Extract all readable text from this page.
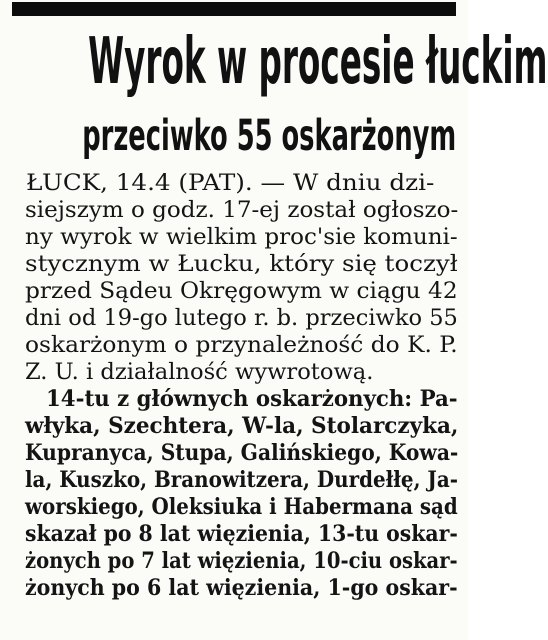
Wyrok w procesie łuckim
przeciwko 55 oskarżonym
ŁUCK, 14.4 (PAT). — W dniu dzi-
siejszym o godz. 17-ej został ogłoszo-
ny wyrok w wielkim proc'sie komuni-
stycznym w Łucku, który się toczył
przed Sądeu Okręgowym w ciągu 42
dni od 19-go lutego r. b. przeciwko 55
oskarżonym o przynależność do K. P.
Z. U. i działalność wywrotową.
14-tu z głównych oskarżonych: Pa-
włyka, Szechtera, W-la, Stolarczyka,
Kupranyca, Stupa, Galińskiego, Kowa-
la, Kuszko, Branowitzera, Durdełłę, Ja-
worskiego, Oleksiuka i Habermana sąd
skazał po 8 lat więzienia, 13-tu oskar-
żonych po 7 lat więzienia, 10-ciu oskar-
żonych po 6 lat więzienia, 1-go oskar-
